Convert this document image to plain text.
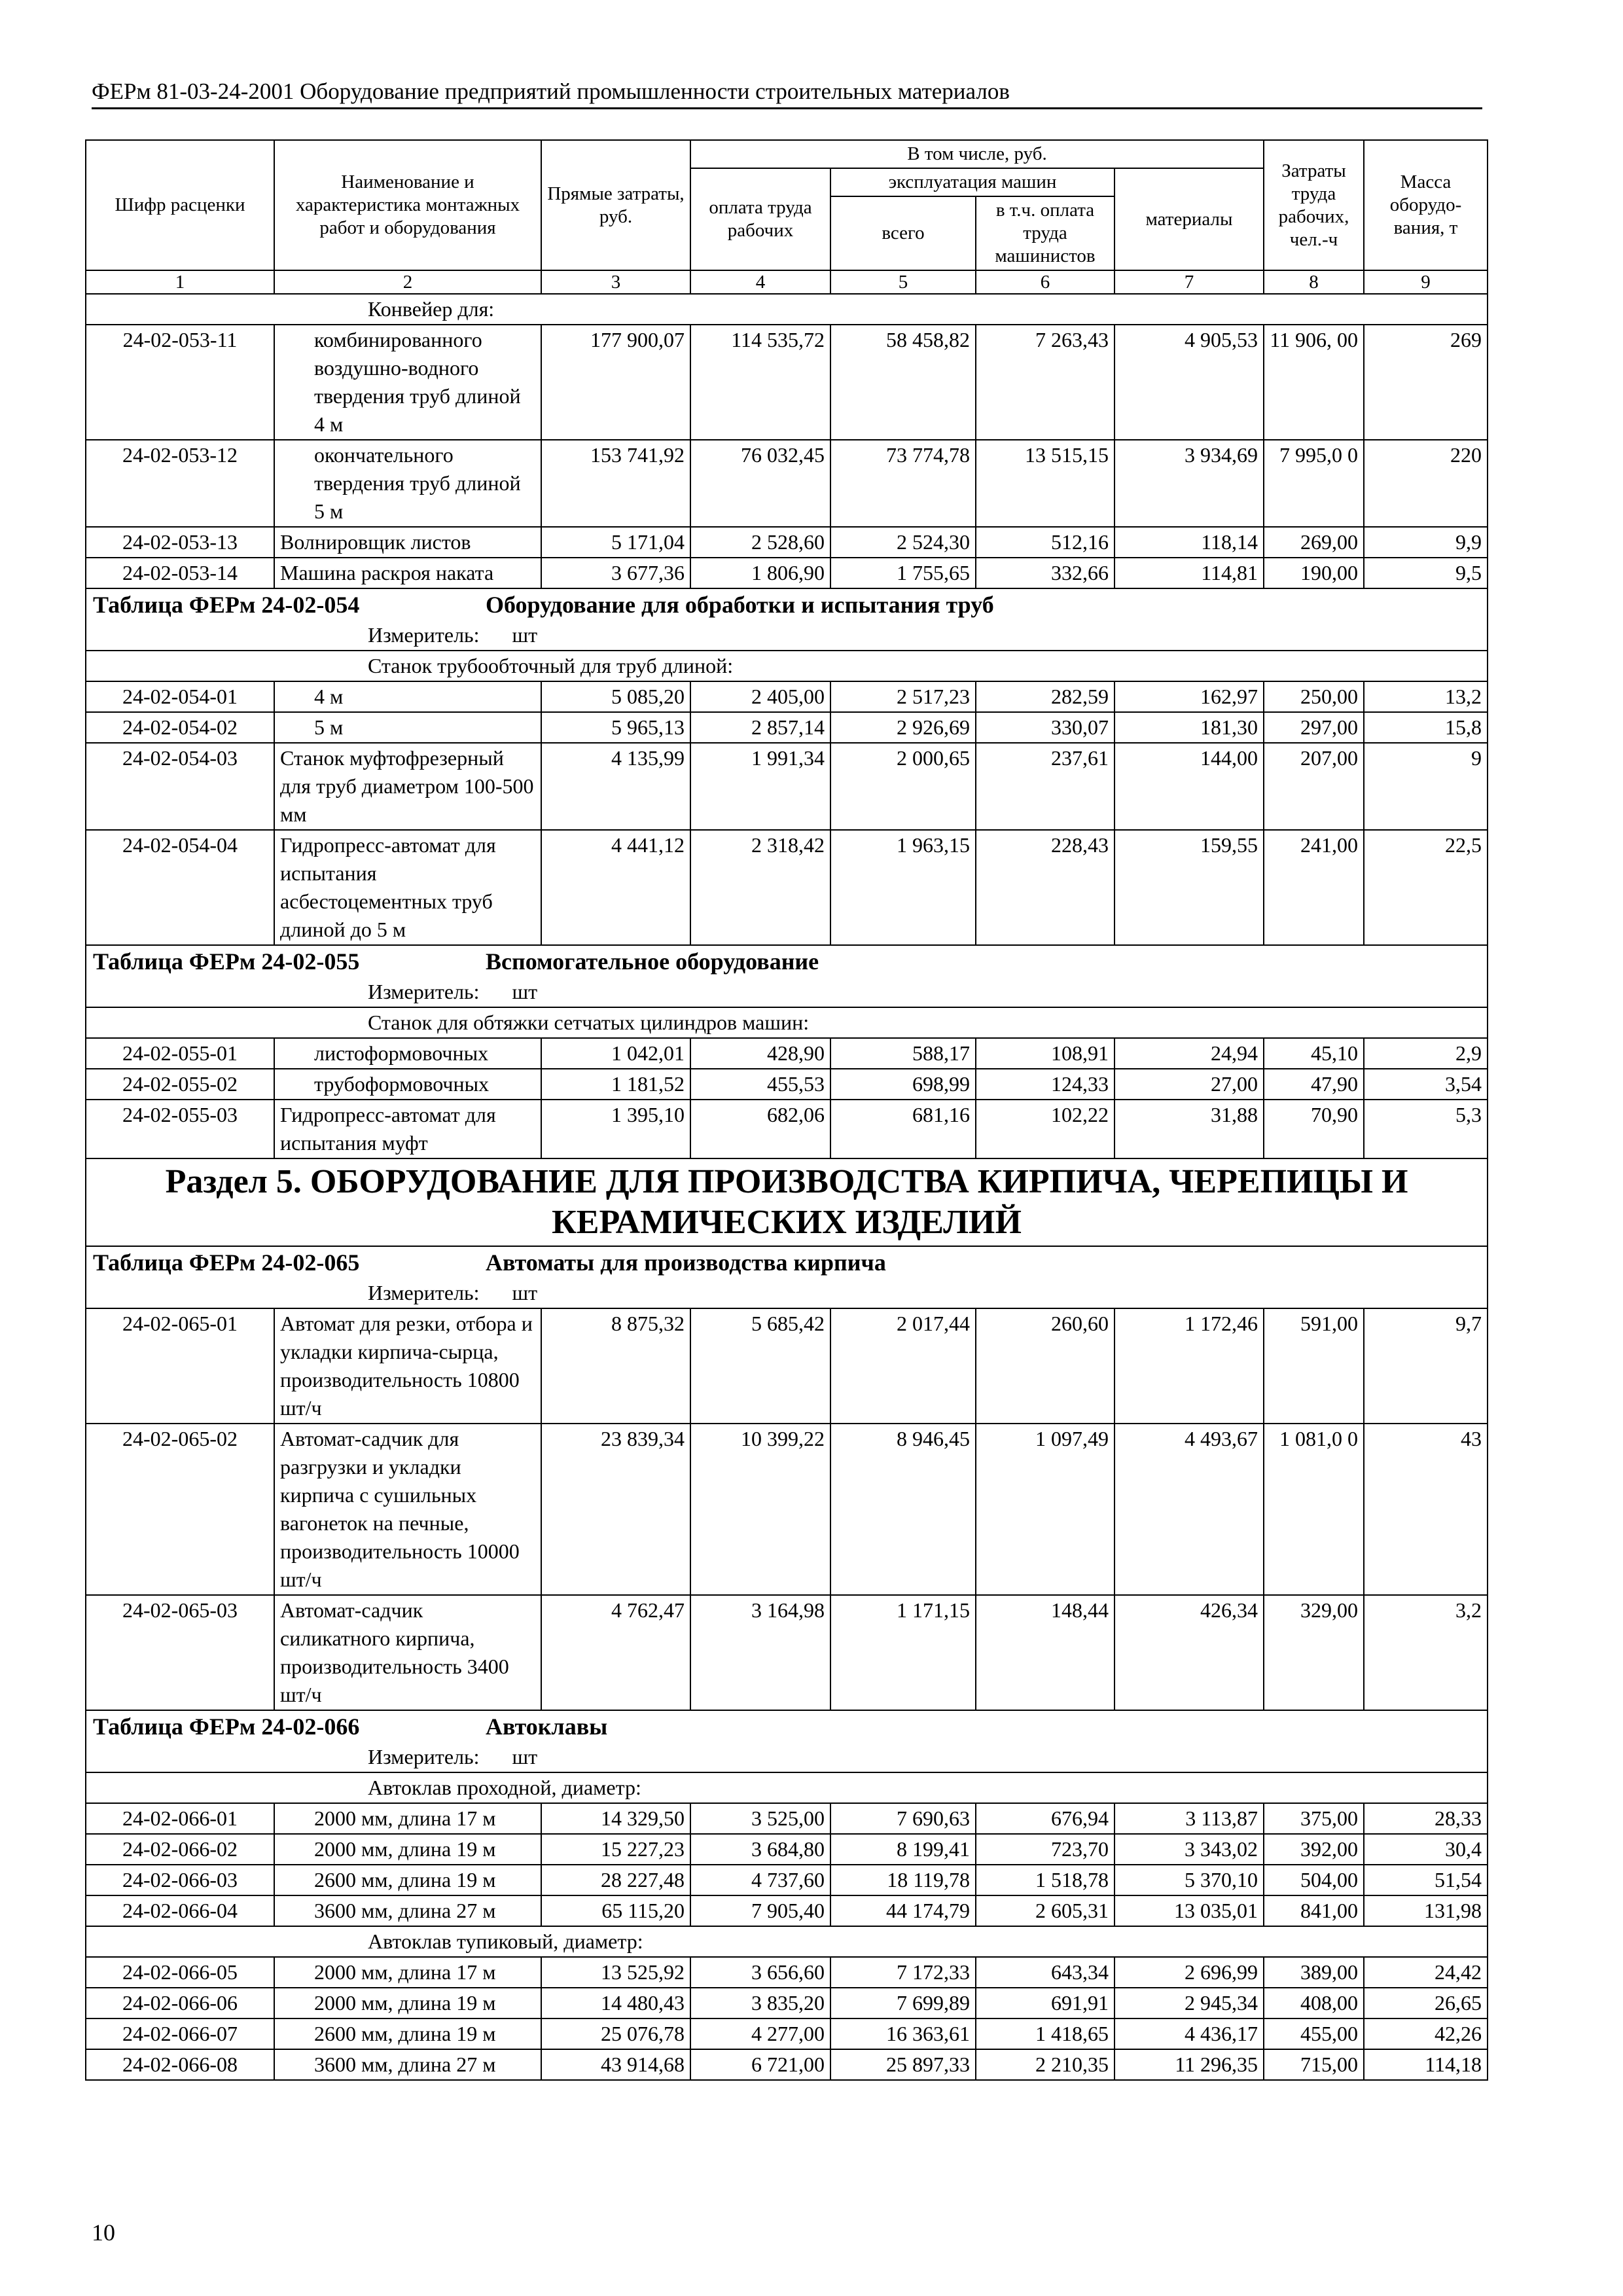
ФЕРм 81-03-24-2001 Оборудование предприятий промышленности строительных материалов
Шифр расценки	Наименование и характеристика монтажных работ и оборудования	Прямые затраты, руб.	В том числе, руб.				Затраты труда рабочих, чел.-ч	Масса оборудо-вания, т
			оплата труда рабочих	эксплуатация машин		материалы		
				всего	в т.ч. оплата труда машинистов			
1	2	3	4	5	6	7	8	9
Конвейер для:								
24-02-053-11	комбинированного воздушно-водного твердения труб длиной 4 м	177 900,07	114 535,72	58 458,82	7 263,43	4 905,53	11 906, 00	269
24-02-053-12	окончательного твердения труб длиной 5 м	153 741,92	76 032,45	73 774,78	13 515,15	3 934,69	7 995,0 0	220
24-02-053-13	Волнировщик листов	5 171,04	2 528,60	2 524,30	512,16	118,14	269,00	9,9
24-02-053-14	Машина раскроя наката	3 677,36	1 806,90	1 755,65	332,66	114,81	190,00	9,5
Таблица ФЕРм 24-02-054 Оборудование для обработки и испытания труб								
Измеритель: шт								
Станок трубообточный для труб длиной:								
24-02-054-01	4 м	5 085,20	2 405,00	2 517,23	282,59	162,97	250,00	13,2
24-02-054-02	5 м	5 965,13	2 857,14	2 926,69	330,07	181,30	297,00	15,8
24-02-054-03	Станок муфтофрезерный для труб диаметром 100-500 мм	4 135,99	1 991,34	2 000,65	237,61	144,00	207,00	9
24-02-054-04	Гидропресс-автомат для испытания асбестоцементных труб длиной до 5 м	4 441,12	2 318,42	1 963,15	228,43	159,55	241,00	22,5
Таблица ФЕРм 24-02-055 Вспомогательное оборудование								
Измеритель: шт								
Станок для обтяжки сетчатых цилиндров машин:								
24-02-055-01	листоформовочных	1 042,01	428,90	588,17	108,91	24,94	45,10	2,9
24-02-055-02	трубоформовочных	1 181,52	455,53	698,99	124,33	27,00	47,90	3,54
24-02-055-03	Гидропресс-автомат для испытания муфт	1 395,10	682,06	681,16	102,22	31,88	70,90	5,3
Раздел 5. ОБОРУДОВАНИЕ ДЛЯ ПРОИЗВОДСТВА КИРПИЧА, ЧЕРЕПИЦЫ И КЕРАМИЧЕСКИХ ИЗДЕЛИЙ								
Таблица ФЕРм 24-02-065 Автоматы для производства кирпича								
Измеритель: шт								
24-02-065-01	Автомат для резки, отбора и укладки кирпича-сырца, производительность 10800 шт/ч	8 875,32	5 685,42	2 017,44	260,60	1 172,46	591,00	9,7
24-02-065-02	Автомат-садчик для разгрузки и укладки кирпича с сушильных вагонеток на печные, производительность 10000 шт/ч	23 839,34	10 399,22	8 946,45	1 097,49	4 493,67	1 081,0 0	43
24-02-065-03	Автомат-садчик силикатного кирпича, производительность 3400 шт/ч	4 762,47	3 164,98	1 171,15	148,44	426,34	329,00	3,2
Таблица ФЕРм 24-02-066 Автоклавы								
Измеритель: шт								
Автоклав проходной, диаметр:								
24-02-066-01	2000 мм, длина 17 м	14 329,50	3 525,00	7 690,63	676,94	3 113,87	375,00	28,33
24-02-066-02	2000 мм, длина 19 м	15 227,23	3 684,80	8 199,41	723,70	3 343,02	392,00	30,4
24-02-066-03	2600 мм, длина 19 м	28 227,48	4 737,60	18 119,78	1 518,78	5 370,10	504,00	51,54
24-02-066-04	3600 мм, длина 27 м	65 115,20	7 905,40	44 174,79	2 605,31	13 035,01	841,00	131,98
Автоклав тупиковый, диаметр:								
24-02-066-05	2000 мм, длина 17 м	13 525,92	3 656,60	7 172,33	643,34	2 696,99	389,00	24,42
24-02-066-06	2000 мм, длина 19 м	14 480,43	3 835,20	7 699,89	691,91	2 945,34	408,00	26,65
24-02-066-07	2600 мм, длина 19 м	25 076,78	4 277,00	16 363,61	1 418,65	4 436,17	455,00	42,26
24-02-066-08	3600 мм, длина 27 м	43 914,68	6 721,00	25 897,33	2 210,35	11 296,35	715,00	114,18
10
